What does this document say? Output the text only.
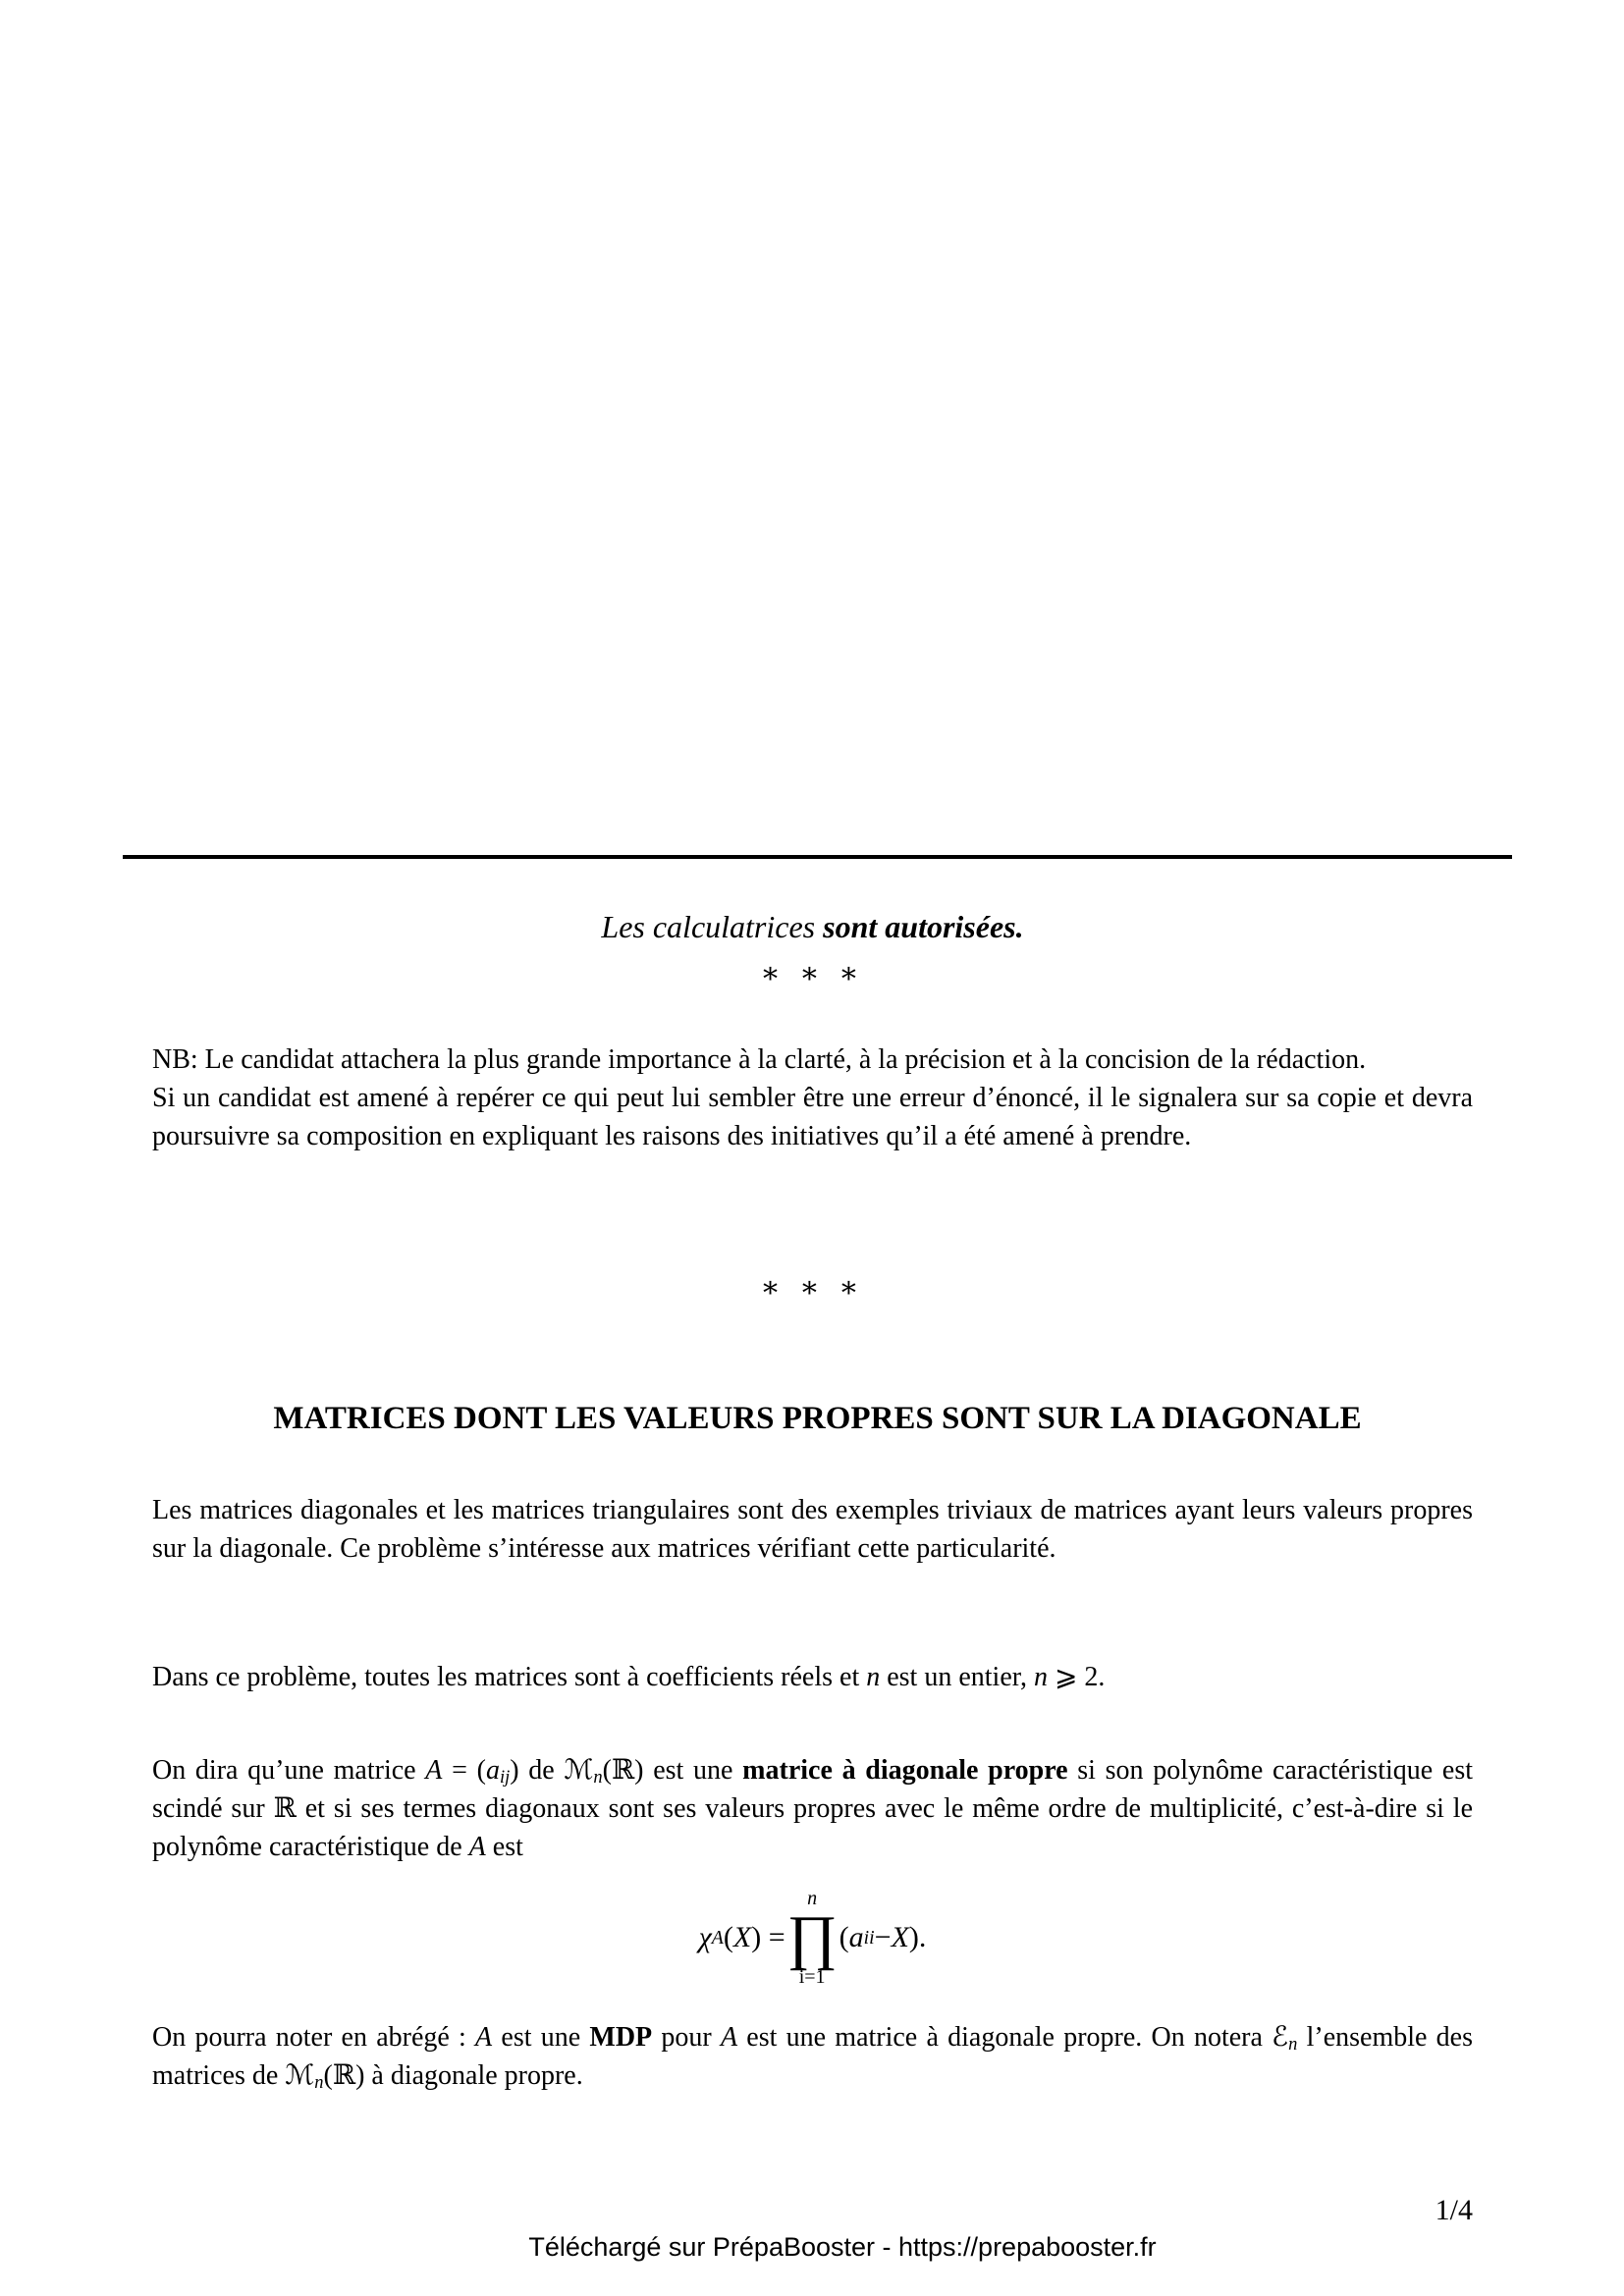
Les calculatrices sont autorisées.
∗ ∗ ∗

NB: Le candidat attachera la plus grande importance à la clarté, à la précision et à la concision de la rédaction.

Si un candidat est amené à repérer ce qui peut lui sembler être une erreur d’énoncé, il le signalera sur sa copie et devra poursuivre sa composition en expliquant les raisons des initiatives qu’il a été amené à prendre.

∗ ∗ ∗
MATRICES DONT LES VALEURS PROPRES SONT SUR LA DIAGONALE

Les matrices diagonales et les matrices triangulaires sont des exemples triviaux de matrices ayant leurs valeurs propres sur la diagonale. Ce problème s’intéresse aux matrices vérifiant cette particularité.

Dans ce problème, toutes les matrices sont à coefficients réels et n est un entier, n ⩾ 2.
On dira qu’une matrice $A = (a_{ij})$ de ℳ$_n$(ℝ) est une matrice à diagonale propre si son polynôme caractéristique est scindé sur ℝ et si ses termes diagonaux sont ses valeurs propres avec le même ordre de multiplicité, c’est-à-dire si le polynôme caractéristique de A est
χ A ( X ) =
n
∏
i=1
( a ii − X ).
On pourra noter en abrégé : A est une MDP pour A est une matrice à diagonale propre. On notera ℰ$_n$ l’ensemble des matrices de ℳ$_n$(ℝ) à diagonale propre.
1/4
Téléchargé sur PrépaBooster - https://prepabooster.fr
